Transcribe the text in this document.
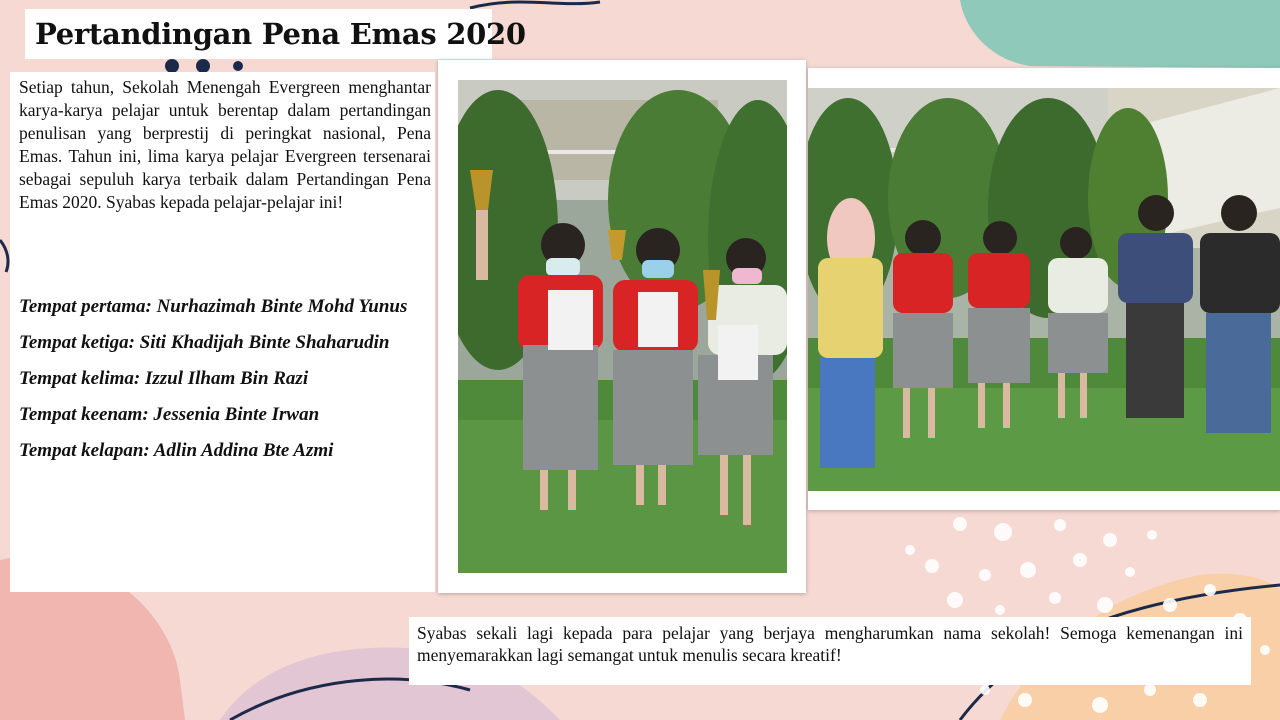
Pertandingan Pena Emas 2020

Setiap tahun, Sekolah Menengah Evergreen menghantar karya-karya pelajar untuk berentap dalam pertandingan penulisan yang berprestij di peringkat nasional, Pena Emas. Tahun ini, lima karya pelajar Evergreen tersenarai sebagai sepuluh karya terbaik dalam Pertandingan Pena Emas 2020. Syabas kepada pelajar-pelajar ini!

Tempat pertama: Nurhazimah Binte Mohd Yunus
Tempat ketiga: Siti Khadijah Binte Shaharudin
Tempat kelima: Izzul Ilham Bin Razi
Tempat keenam: Jessenia Binte Irwan
Tempat kelapan: Adlin Addina Bte Azmi

Syabas sekali lagi kepada para pelajar yang berjaya mengharumkan nama sekolah! Semoga kemenangan ini menyemarakkan lagi semangat untuk menulis secara kreatif!
